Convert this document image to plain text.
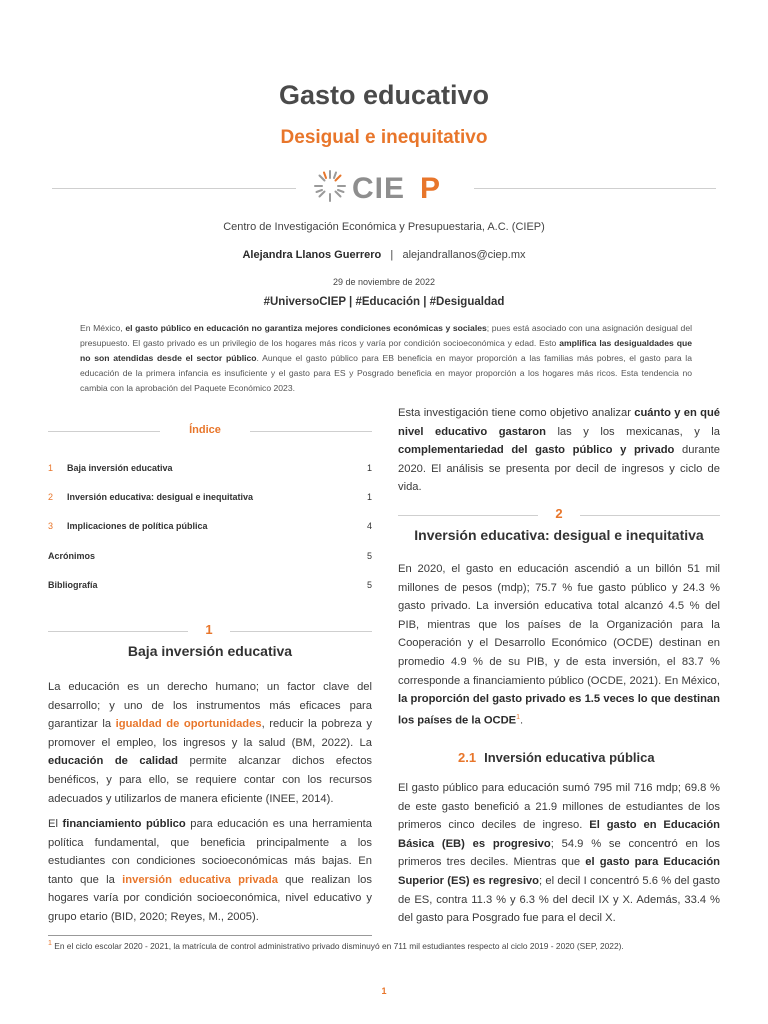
Gasto educativo
Desigual e inequitativo
CIE P
Centro de Investigación Económica y Presupuestaria, A.C. (CIEP)
Alejandra Llanos Guerrero | alejandrallanos@ciep.mx
29 de noviembre de 2022
#UniversoCIEP | #Educación | #Desigualdad
En México, el gasto público en educación no garantiza mejores condiciones económicas y sociales; pues está asociado con una asignación desigual del presupuesto. El gasto privado es un privilegio de los hogares más ricos y varía por condición socioeconómica y edad. Esto amplifica las desigualdades que no son atendidas desde el sector público. Aunque el gasto público para EB beneficia en mayor proporción a las familias más pobres, el gasto para la educación de la primera infancia es insuficiente y el gasto para ES y Posgrado beneficia en mayor proporción a los hogares más ricos. Esta tendencia no cambia con la aprobación del Paquete Económico 2023.
Índice
1 Baja inversión educativa	1
2 Inversión educativa: desigual e inequitativa	1
3 Implicaciones de política pública	4
Acrónimos	5
Bibliografía	5
1
Baja inversión educativa
La educación es un derecho humano; un factor clave del desarrollo; y uno de los instrumentos más eficaces para garantizar la igualdad de oportunidades, reducir la pobreza y promover el empleo, los ingresos y la salud (BM, 2022). La educación de calidad permite alcanzar dichos efectos benéficos, y para ello, se requiere contar con los recursos adecuados y utilizarlos de manera eficiente (INEE, 2014).
El financiamiento público para educación es una herramienta política fundamental, que beneficia principalmente a los estudiantes con condiciones socioeconómicas más bajas. En tanto que la inversión educativa privada que realizan los hogares varía por condición socioeconómica, nivel educativo y grupo etario (BID, 2020; Reyes, M., 2005).
Esta investigación tiene como objetivo analizar cuánto y en qué nivel educativo gastaron las y los mexicanas, y la complementariedad del gasto público y privado durante 2020. El análisis se presenta por decil de ingresos y ciclo de vida.
2
Inversión educativa: desigual e inequitativa
En 2020, el gasto en educación ascendió a un billón 51 mil millones de pesos (mdp); 75.7 % fue gasto público y 24.3 % gasto privado. La inversión educativa total alcanzó 4.5 % del PIB, mientras que los países de la Organización para la Cooperación y el Desarrollo Económico (OCDE) destinan en promedio 4.9 % de su PIB, y de esta inversión, el 83.7 % corresponde a financiamiento público (OCDE, 2021). En México, la proporción del gasto privado es 1.5 veces lo que destinan los países de la OCDE$^1$.
2.1 Inversión educativa pública
El gasto público para educación sumó 795 mil 716 mdp; 69.8 % de este gasto benefició a 21.9 millones de estudiantes de los primeros cinco deciles de ingreso. El gasto en Educación Básica (EB) es progresivo; 54.9 % se concentró en los primeros tres deciles. Mientras que el gasto para Educación Superior (ES) es regresivo; el decil I concentró 5.6 % del gasto de ES, contra 11.3 % y 6.3 % del decil IX y X. Además, 33.4 % del gasto para Posgrado fue para el decil X.
$^1$ En el ciclo escolar 2020 - 2021, la matrícula de control administrativo privado disminuyó en 711 mil estudiantes respecto al ciclo 2019 - 2020 (SEP, 2022).
1
